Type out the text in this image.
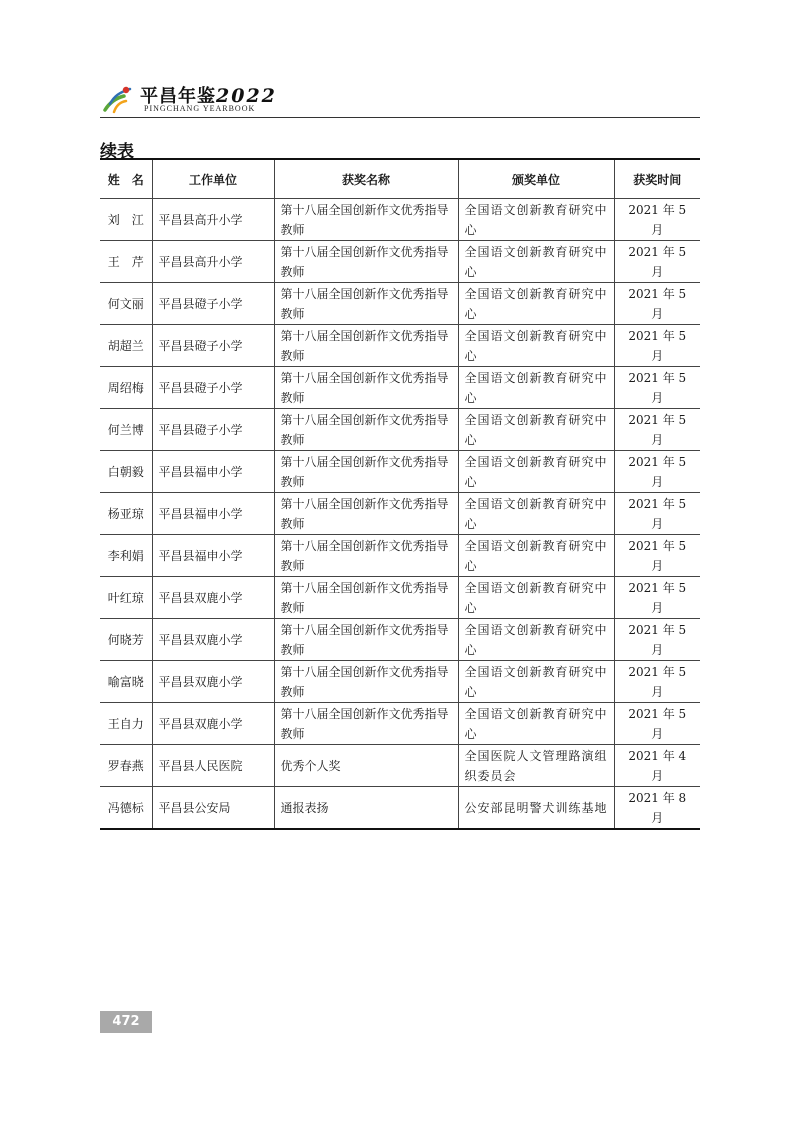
平昌年鉴2022
PINGCHANG YEARBOOK
续表
姓　名	工作单位	获奖名称	颁奖单位	获奖时间
刘　江	平昌县高升小学	第十八届全国创新作文优秀指导教师	全国语文创新教育研究中心	2021 年 5 月
王　芹	平昌县高升小学	第十八届全国创新作文优秀指导教师	全国语文创新教育研究中心	2021 年 5 月
何文丽	平昌县磴子小学	第十八届全国创新作文优秀指导教师	全国语文创新教育研究中心	2021 年 5 月
胡超兰	平昌县磴子小学	第十八届全国创新作文优秀指导教师	全国语文创新教育研究中心	2021 年 5 月
周绍梅	平昌县磴子小学	第十八届全国创新作文优秀指导教师	全国语文创新教育研究中心	2021 年 5 月
何兰博	平昌县磴子小学	第十八届全国创新作文优秀指导教师	全国语文创新教育研究中心	2021 年 5 月
白朝毅	平昌县福申小学	第十八届全国创新作文优秀指导教师	全国语文创新教育研究中心	2021 年 5 月
杨亚琼	平昌县福申小学	第十八届全国创新作文优秀指导教师	全国语文创新教育研究中心	2021 年 5 月
李利娟	平昌县福申小学	第十八届全国创新作文优秀指导教师	全国语文创新教育研究中心	2021 年 5 月
叶红琼	平昌县双鹿小学	第十八届全国创新作文优秀指导教师	全国语文创新教育研究中心	2021 年 5 月
何晓芳	平昌县双鹿小学	第十八届全国创新作文优秀指导教师	全国语文创新教育研究中心	2021 年 5 月
喻富晓	平昌县双鹿小学	第十八届全国创新作文优秀指导教师	全国语文创新教育研究中心	2021 年 5 月
王自力	平昌县双鹿小学	第十八届全国创新作文优秀指导教师	全国语文创新教育研究中心	2021 年 5 月
罗春燕	平昌县人民医院	优秀个人奖	全国医院人文管理路演组织委员会	2021 年 4 月
冯德标	平昌县公安局	通报表扬	公安部昆明警犬训练基地	2021 年 8 月
472
